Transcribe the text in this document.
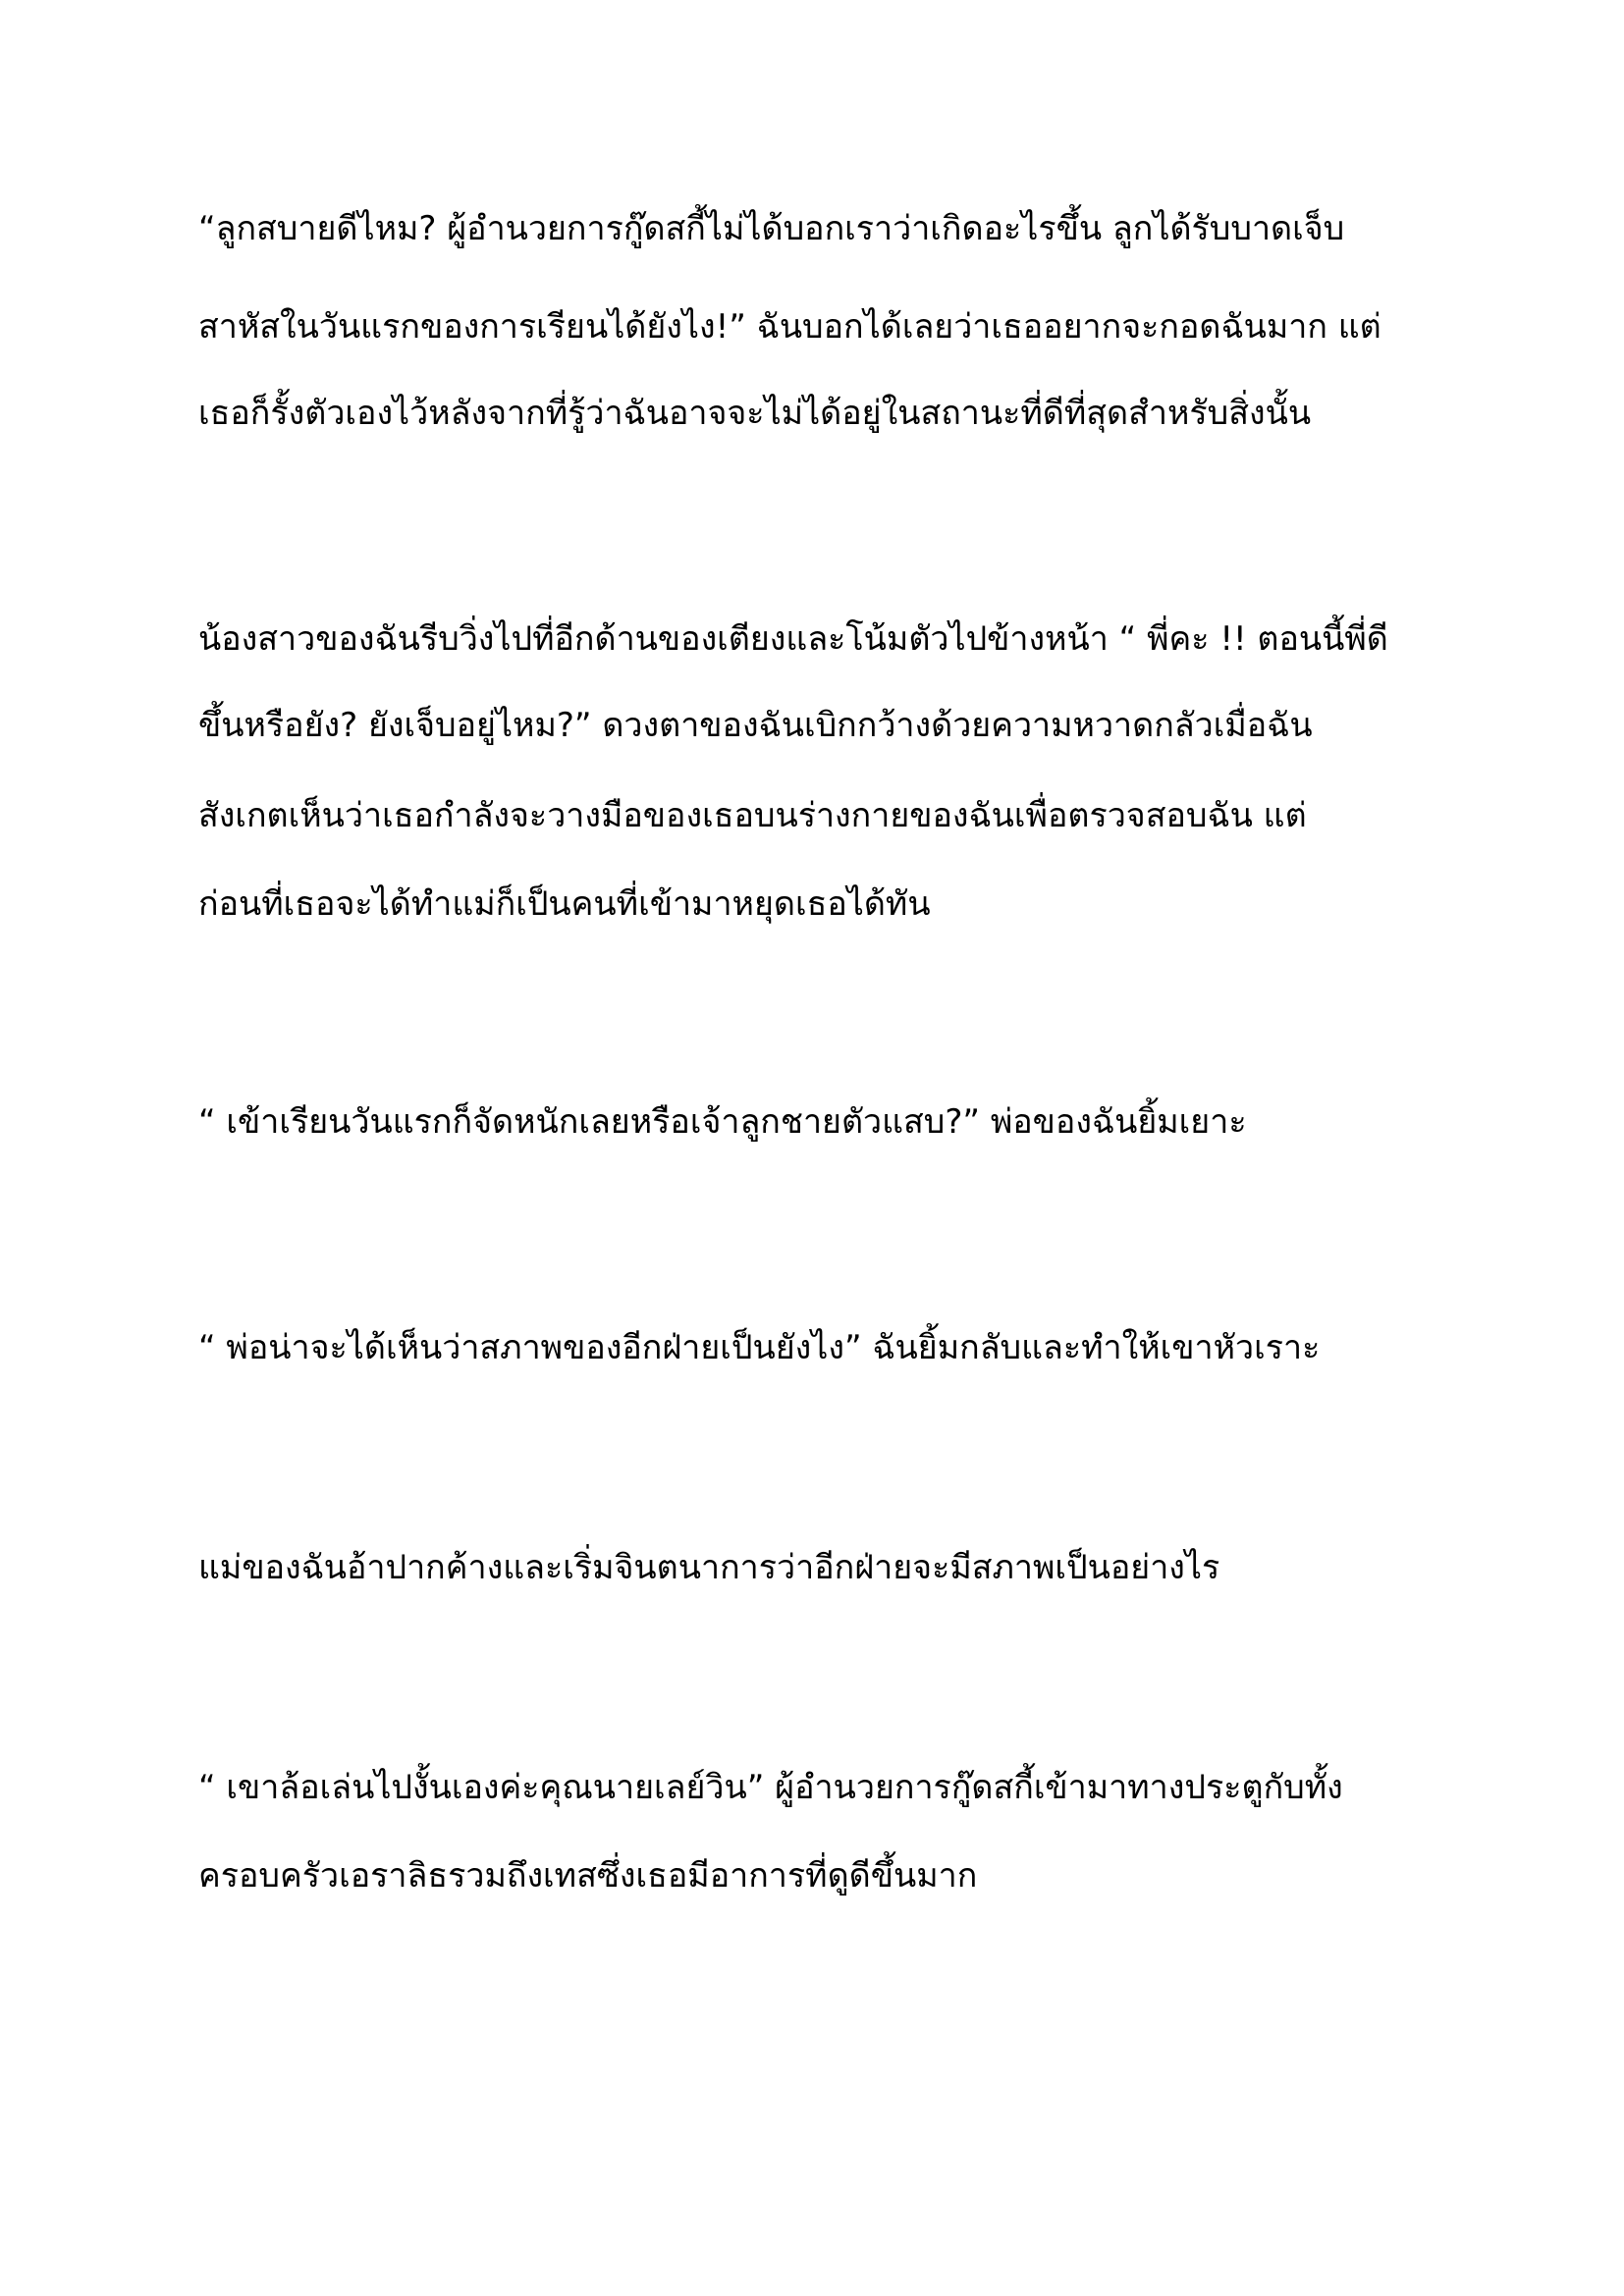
“ลูกสบายดีไหม? ผู้อำนวยการกู๊ดสกี้ไม่ได้บอกเราว่าเกิดอะไรขึ้น ลูกได้รับบาดเจ็บ

สาหัสในวันแรกของการเรียนได้ยังไง!” ฉันบอกได้เลยว่าเธออยากจะกอดฉันมาก แต่

เธอก็รั้งตัวเองไว้หลังจากที่รู้ว่าฉันอาจจะไม่ได้อยู่ในสถานะที่ดีที่สุดสำหรับสิ่งนั้น

น้องสาวของฉันรีบวิ่งไปที่อีกด้านของเตียงและโน้มตัวไปข้างหน้า “ พี่คะ !! ตอนนี้พี่ดี

ขึ้นหรือยัง? ยังเจ็บอยู่ไหม?” ดวงตาของฉันเบิกกว้างด้วยความหวาดกลัวเมื่อฉัน

สังเกตเห็นว่าเธอกำลังจะวางมือของเธอบนร่างกายของฉันเพื่อตรวจสอบฉัน แต่

ก่อนที่เธอจะได้ทำแม่ก็เป็นคนที่เข้ามาหยุดเธอได้ทัน

“ เข้าเรียนวันแรกก็จัดหนักเลยหรือเจ้าลูกชายตัวแสบ?” พ่อของฉันยิ้มเยาะ

“ พ่อน่าจะได้เห็นว่าสภาพของอีกฝ่ายเป็นยังไง” ฉันยิ้มกลับและทำให้เขาหัวเราะ

แม่ของฉันอ้าปากค้างและเริ่มจินตนาการว่าอีกฝ่ายจะมีสภาพเป็นอย่างไร

“ เขาล้อเล่นไปงั้นเองค่ะคุณนายเลย์วิน” ผู้อำนวยการกู๊ดสกี้เข้ามาทางประตูกับทั้ง

ครอบครัวเอราลิธรวมถึงเทสซึ่งเธอมีอาการที่ดูดีขึ้นมาก
